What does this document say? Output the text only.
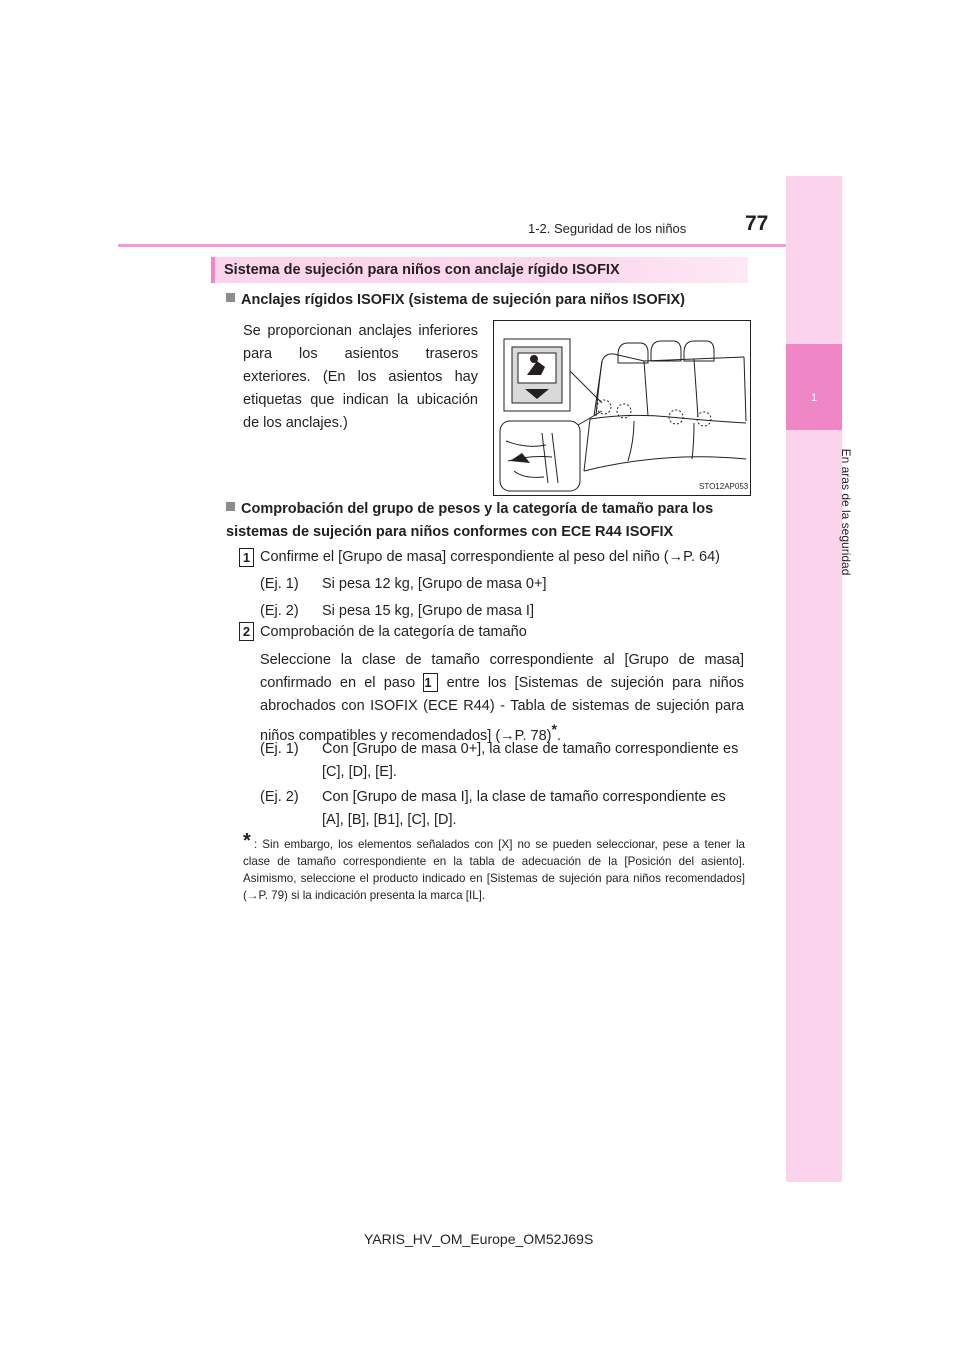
77
1-2. Seguridad de los niños
1
En aras de la seguridad
Sistema de sujeción para niños con anclaje rígido ISOFIX
Anclajes rígidos ISOFIX (sistema de sujeción para niños ISOFIX)
Se proporcionan anclajes inferiores para los asientos traseros exteriores. (En los asientos hay etiquetas que indican la ubicación de los anclajes.)
STO12AP053
Comprobación del grupo de pesos y la categoría de tamaño para los sistemas de sujeción para niños conformes con ECE R44 ISOFIX
1 Confirme el [Grupo de masa] correspondiente al peso del niño (→P. 64)
(Ej. 1) Si pesa 12 kg, [Grupo de masa 0+]
(Ej. 2) Si pesa 15 kg, [Grupo de masa I]
2 Comprobación de la categoría de tamaño
Seleccione la clase de tamaño correspondiente al [Grupo de masa] confirmado en el paso 1 entre los [Sistemas de sujeción para niños abrochados con ISOFIX (ECE R44) - Tabla de sistemas de sujeción para niños compatibles y recomendados] (→P. 78)*.
(Ej. 1) Con [Grupo de masa 0+], la clase de tamaño correspondiente es [C], [D], [E].
(Ej. 2) Con [Grupo de masa I], la clase de tamaño correspondiente es [A], [B], [B1], [C], [D].
* : Sin embargo, los elementos señalados con [X] no se pueden seleccionar, pese a tener la clase de tamaño correspondiente en la tabla de adecuación de la [Posición del asiento]. Asimismo, seleccione el producto indicado en [Sistemas de sujeción para niños recomendados] (→P. 79) si la indicación presenta la marca [IL].
YARIS_HV_OM_Europe_OM52J69S
